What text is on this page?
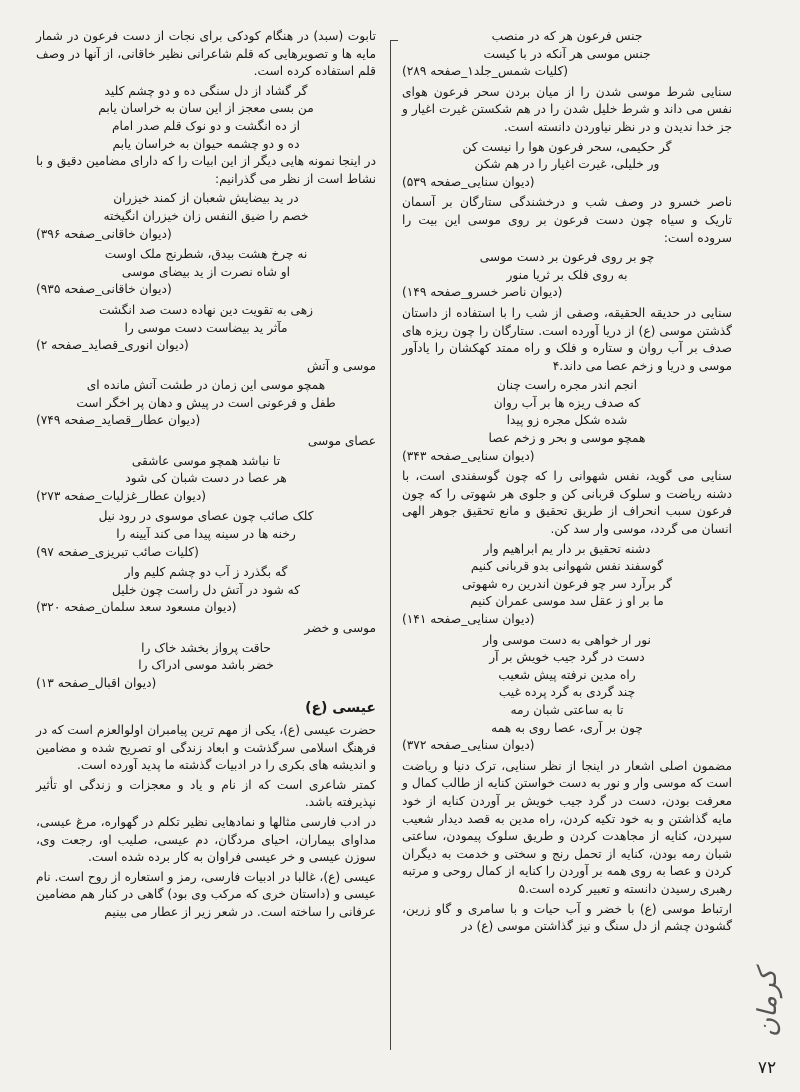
جنس فرعون هر که در منصب

جنس موسی هر آنکه در با کیست

(کلیات شمس_جلد۱_صفحه ۲۸۹)

سنایی شرط موسی شدن را از میان بردن سحر فرعون هوای نفس می داند و شرط خلیل شدن را در هم شکستن غیرت اغیار و جز خدا ندیدن و در نظر نیاوردن دانسته است.

گر حکیمی، سحر فرعون هوا را نیست کن

ور خلیلی، غیرت اغیار را در هم شکن

(دیوان سنایی_صفحه ۵۳۹)

ناصر خسرو در وصف شب و درخشندگی ستارگان بر آسمان تاریک و سیاه چون دست فرعون بر روی موسی این بیت را سروده است:

چو بر روی فرعون بر دست موسی

به روی فلک بر ثریا منور

(دیوان ناصر خسرو_صفحه ۱۴۹)

سنایی در حدیقه الحقیقه، وصفی از شب را با استفاده از داستان گذشتن موسی (ع) از دریا آورده است. ستارگان را چون ریزه های صدف بر آب روان و ستاره و فلک و راه ممتد کهکشان را یادآور موسی و دریا و زخم عصا می داند.۴

انجم اندر مجره راست چنان

که صدف ریزه ها بر آب روان

شده شکل مجره زو پیدا

همچو موسی و بحر و زخم عصا

(دیوان سنایی_صفحه ۳۴۳)

سنایی می گوید، نفس شهوانی را که چون گوسفندی است، با دشنه ریاضت و سلوک قربانی کن و جلوی هر شهوتی را که چون فرعون سبب انحراف از طریق تحقیق و مانع تحقیق جوهر الهی انسان می گردد، موسی وار سد کن.

دشنه تحقیق بر دار یم ابراهیم وار

گوسفند نفس شهوانی بدو قربانی کنیم

گر برآرد سر چو فرعون اندرین ره شهوتی

ما بر او ز عقل سد موسی عمران کنیم

(دیوان سنایی_صفحه ۱۴۱)

نور ار خواهی به دست موسی وار

دست در گرد جیب خویش بر آر

راه مدین نرفته پیش شعیب

چند گردی به گرد پرده غیب

تا به ساعتی شبان رمه

چون بر آری، عصا روی به همه

(دیوان سنایی_صفحه ۳۷۲)

مضمون اصلی اشعار در اینجا از نظر سنایی، ترک دنیا و ریاضت است که موسی وار و نور به دست خواستن کنایه از طالب کمال و معرفت بودن، دست در گرد جیب خویش بر آوردن کنایه از خود مایه گذاشتن و به خود تکیه کردن، راه مدین به قصد دیدار شعیب سپردن، کنایه از مجاهدت کردن و طریق سلوک پیمودن، ساعتی شبان رمه بودن، کنایه از تحمل رنج و سختی و خدمت به دیگران کردن و عصا به روی همه بر آوردن را کنایه از کمال روحی و مرتبه رهبری رسیدن دانسته و تعبیر کرده است.۵

ارتباط موسی (ع) با خضر و آب حیات و با سامری و گاو زرین، گشودن چشم از دل سنگ و نیز گذاشتن موسی (ع) در

تابوت (سبد) در هنگام کودکی برای نجات از دست فرعون در شمار مایه ها و تصویرهایی که قلم شاعرانی نظیر خاقانی، از آنها در وصف قلم استفاده کرده است.

گر گشاد از دل سنگی ده و دو چشم کلید

من بسی معجز از این سان به خراسان یابم

از ده انگشت و دو نوک قلم صدر امام

ده و دو چشمه حیوان به خراسان یابم

در اینجا نمونه هایی دیگر از این ابیات را که دارای مضامین دقیق و با نشاط است از نظر می گذرانیم:

در ید بیضایش شعبان از کمند خیزران

خصم را ضیق النفس زان خیزران انگیخته

(دیوان خاقانی_صفحه ۳۹۶)

نه چرخ هشت بیدق، شطرنج ملک اوست

او شاه نصرت از ید بیضای موسی

(دیوان خاقانی_صفحه ۹۳۵)

زهی به تقویت دین نهاده دست صد انگشت

مآثر ید بیضاست دست موسی را

(دیوان انوری_قصاید_صفحه ۲)

موسی و آتش

همچو موسی این زمان در طشت آتش مانده ای

طفل و فرعونی است در پیش و دهان پر اخگر است

(دیوان عطار_قصاید_صفحه ۷۴۹)

عصای موسی

تا نباشد همچو موسی عاشقی

هر عصا در دست شبان کی شود

(دیوان عطار_غزلیات_صفحه ۲۷۳)

کلک صائب چون عصای موسوی در رود نیل

رخنه ها در سینه پیدا می کند آیینه را

(کلیات صائب تبریزی_صفحه ۹۷)

گه بگذرد ز آب دو چشم کلیم وار

که شود در آتش دل راست چون خلیل

(دیوان مسعود سعد سلمان_صفحه ۳۲۰)

موسی و خضر

حاقت پرواز بخشد خاک را

خضر باشد موسی ادراک را

(دیوان اقبال_صفحه ۱۳)

عیسی (ع)

حضرت عیسی (ع)، یکی از مهم ترین پیامبران اولوالعزم است که در فرهنگ اسلامی سرگذشت و ابعاد زندگی او تصریح شده و مضامین و اندیشه های بکری را در ادبیات گذشته ما پدید آورده است.

کمتر شاعری است که از نام و یاد و معجزات و زندگی او تأثیر نپذیرفته باشد.

در ادب فارسی مثالها و نمادهایی نظیر تکلم در گهواره، مرغ عیسی، مداوای بیماران، احیای مردگان، دم عیسی، صلیب او، رجعت وی، سوزن عیسی و خر عیسی فراوان به کار برده شده است.

عیسی (ع)، غالبا در ادبیات فارسی، رمز و استعاره از روح است. نام عیسی و (داستان خری که مرکب وی بود) گاهی در کنار هم مضامین عرفانی را ساخته است. در شعر زیر از عطار می بینیم

کرمان
۷۲
